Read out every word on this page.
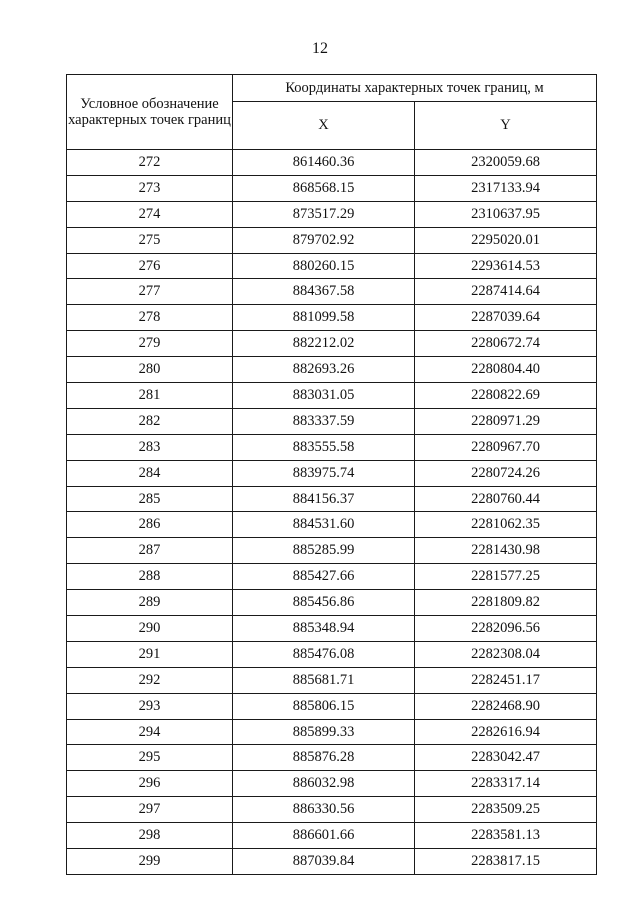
12
Условное обозначение характерных точек границ	Координаты характерных точек границ, м	
	X	Y
272	861460.36	2320059.68
273	868568.15	2317133.94
274	873517.29	2310637.95
275	879702.92	2295020.01
276	880260.15	2293614.53
277	884367.58	2287414.64
278	881099.58	2287039.64
279	882212.02	2280672.74
280	882693.26	2280804.40
281	883031.05	2280822.69
282	883337.59	2280971.29
283	883555.58	2280967.70
284	883975.74	2280724.26
285	884156.37	2280760.44
286	884531.60	2281062.35
287	885285.99	2281430.98
288	885427.66	2281577.25
289	885456.86	2281809.82
290	885348.94	2282096.56
291	885476.08	2282308.04
292	885681.71	2282451.17
293	885806.15	2282468.90
294	885899.33	2282616.94
295	885876.28	2283042.47
296	886032.98	2283317.14
297	886330.56	2283509.25
298	886601.66	2283581.13
299	887039.84	2283817.15
